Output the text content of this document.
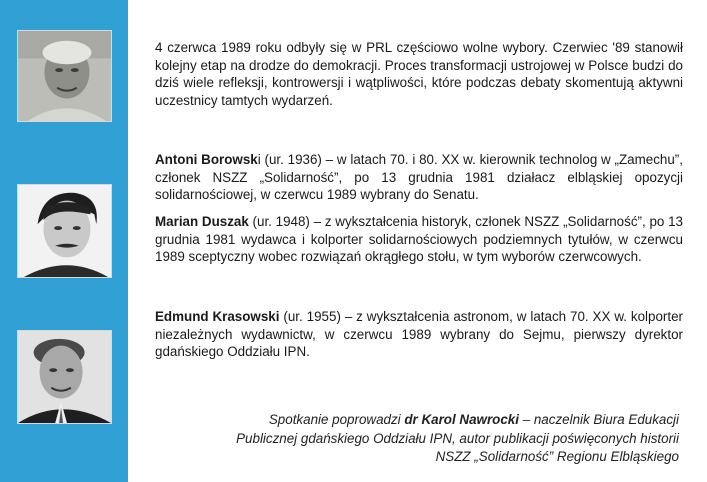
4 czerwca 1989 roku odbyły się w PRL częściowo wolne wybory. Czerwiec '89 stanowił kolejny etap na drodze do demokracji. Proces transformacji ustrojowej w Polsce budzi do dziś wiele refleksji, kontrowersji i wątpliwości, które podczas debaty skomentują aktywni uczestnicy tamtych wydarzeń.

Antoni Borowski (ur. 1936) – w latach 70. i 80. XX w. kierownik technolog w „Zamechu”, członek NSZZ „Solidarność”, po 13 grudnia 1981 działacz elbląskiej opozycji solidarnościowej, w czerwcu 1989 wybrany do Senatu.

Marian Duszak (ur. 1948) – z wykształcenia historyk, członek NSZZ „Solidarność”, po 13 grudnia 1981 wydawca i kolporter solidarnościowych podziemnych tytułów, w czerwcu 1989 sceptyczny wobec rozwiązań okrągłego stołu, w tym wyborów czerwcowych.

Edmund Krasowski (ur. 1955) – z wykształcenia astronom, w latach 70. XX w. kolporter niezależnych wydawnictw, w czerwcu 1989 wybrany do Sejmu, pierwszy dyrektor gdańskiego Oddziału IPN.

Spotkanie poprowadzi dr Karol Nawrocki – naczelnik Biura Edukacji Publicznej gdańskiego Oddziału IPN, autor publikacji poświęconych historii NSZZ „Solidarność” Regionu Elbląskiego
